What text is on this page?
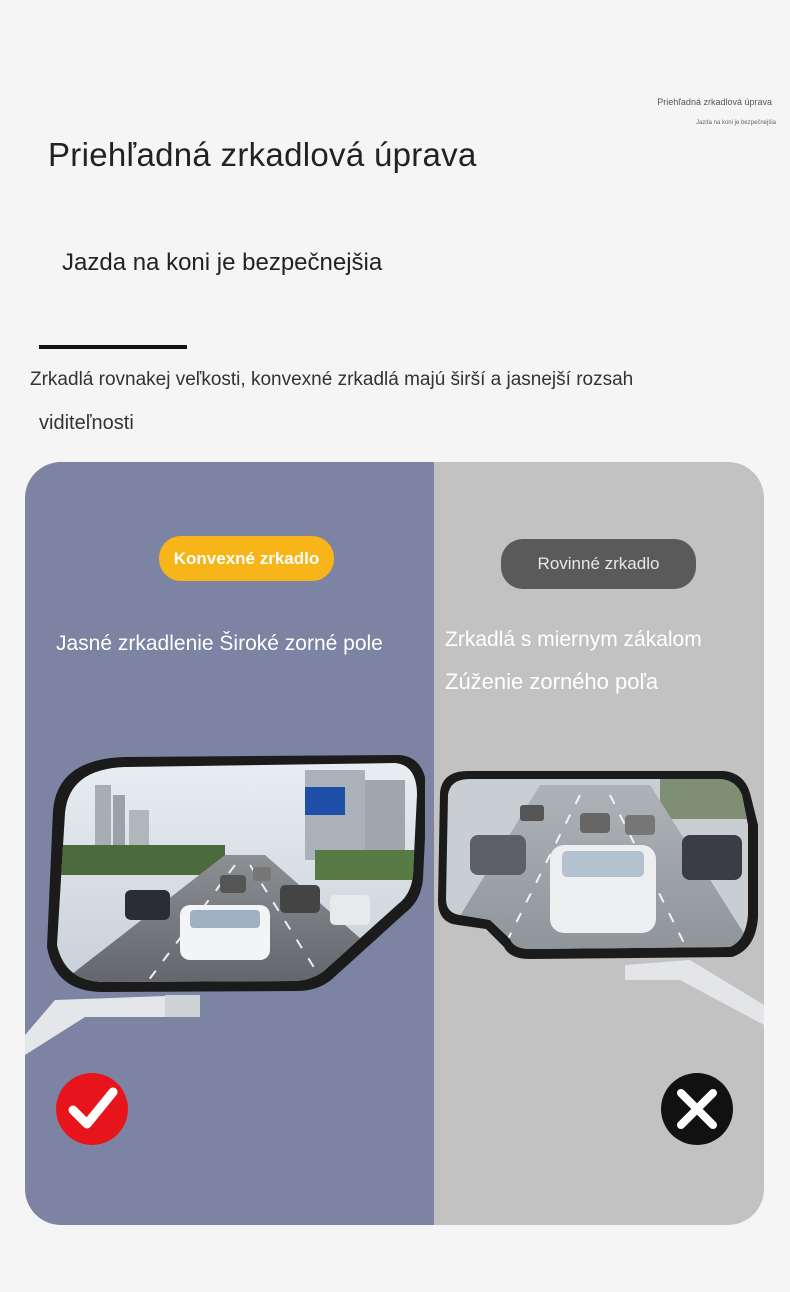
Priehľadná zrkadlová úprava
Jazda na koni je bezpečnejšia
Priehľadná zrkadlová úprava
Jazda na koni je bezpečnejšia
Zrkadlá rovnakej veľkosti, konvexné zrkadlá majú širší a jasnejší rozsah
viditeľnosti
Konvexné zrkadlo	Rovinné zrkadlo
Jasné zrkadlenie Široké zorné pole	Zrkadlá s miernym zákalom
Zúženie zorného poľa
